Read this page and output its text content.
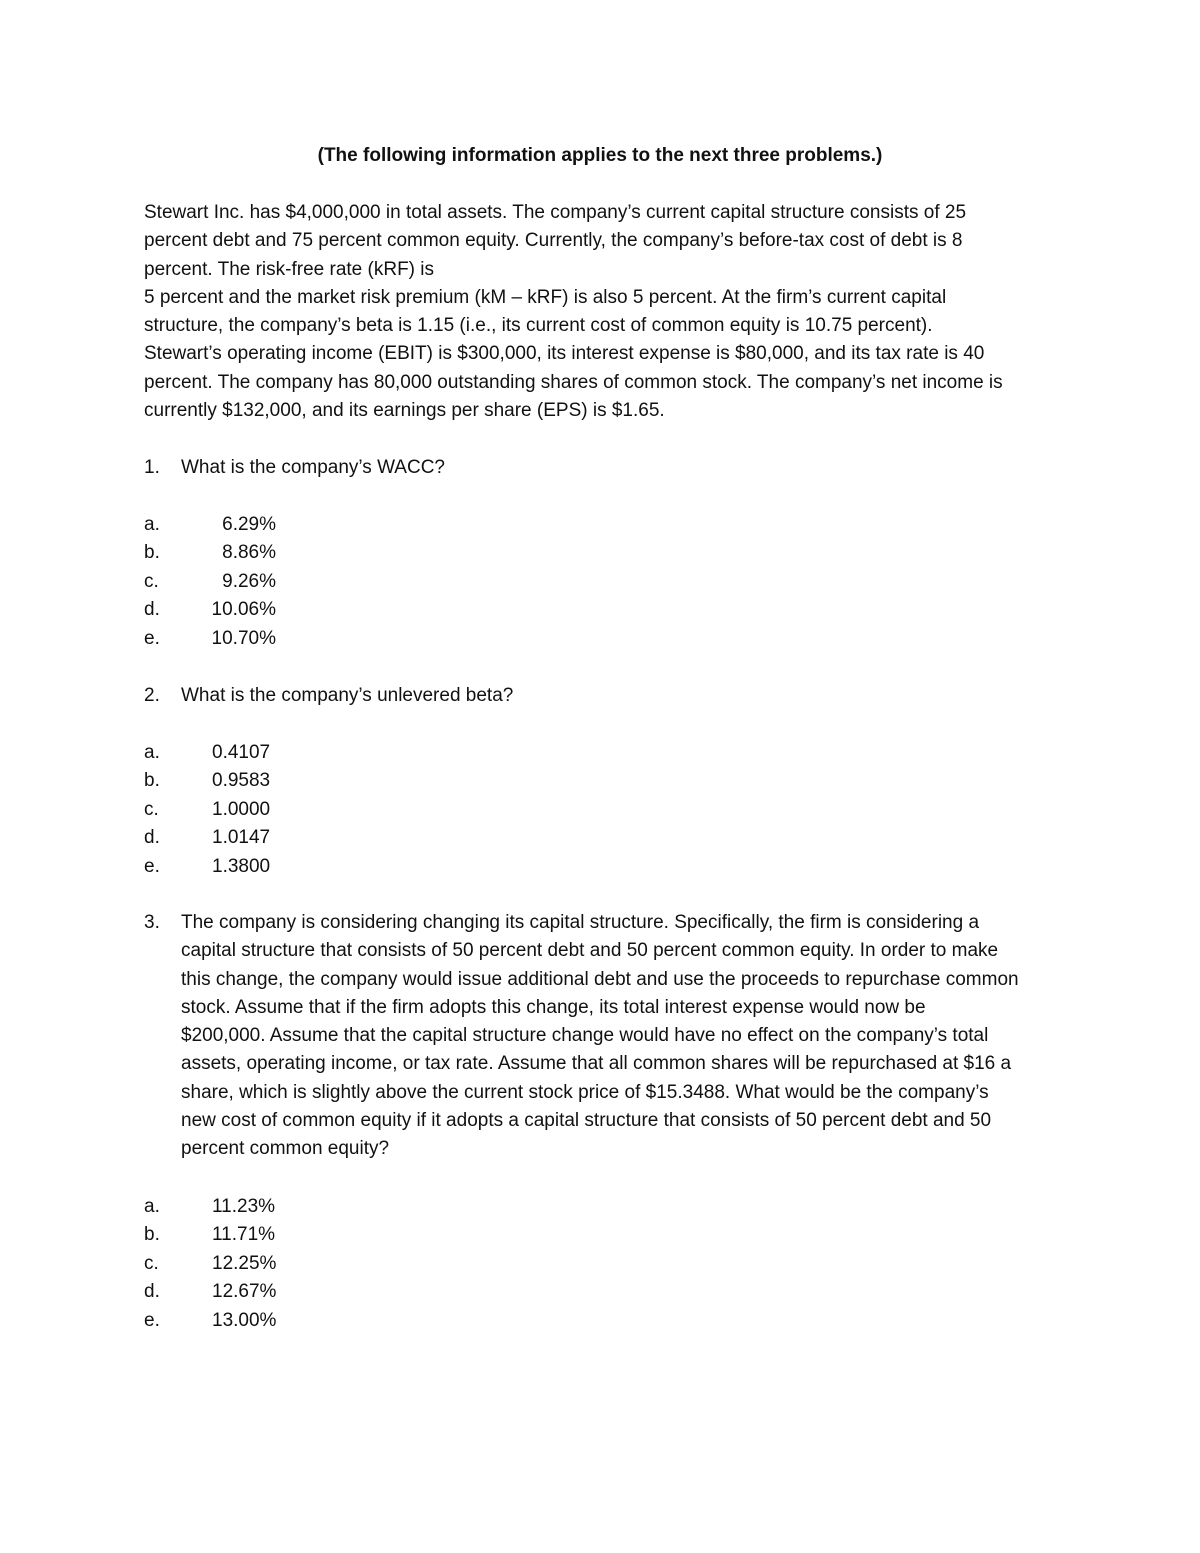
(The following information applies to the next three problems.)
Stewart Inc. has $4,000,000 in total assets. The company’s current capital structure consists of 25
percent debt and 75 percent common equity. Currently, the company’s before-tax cost of debt is 8
percent. The risk-free rate (kRF) is
5 percent and the market risk premium (kM – kRF) is also 5 percent. At the firm’s current capital
structure, the company’s beta is 1.15 (i.e., its current cost of common equity is 10.75 percent).
Stewart’s operating income (EBIT) is $300,000, its interest expense is $80,000, and its tax rate is 40
percent. The company has 80,000 outstanding shares of common stock. The company’s net income is
currently $132,000, and its earnings per share (EPS) is $1.65.
1.	What is the company’s WACC?
a.	6.29%
b.	8.86%
c.	9.26%
d.	10.06%
e.	10.70%
2.	What is the company’s unlevered beta?
a.	0.4107
b.	0.9583
c.	1.0000
d.	1.0147
e.	1.3800
3.	The company is considering changing its capital structure. Specifically, the firm is considering a
capital structure that consists of 50 percent debt and 50 percent common equity. In order to make
this change, the company would issue additional debt and use the proceeds to repurchase common
stock. Assume that if the firm adopts this change, its total interest expense would now be
$200,000. Assume that the capital structure change would have no effect on the company’s total
assets, operating income, or tax rate. Assume that all common shares will be repurchased at $16 a
share, which is slightly above the current stock price of $15.3488. What would be the company’s
new cost of common equity if it adopts a capital structure that consists of 50 percent debt and 50
percent common equity?
a.	11.23%
b.	11.71%
c.	12.25%
d.	12.67%
e.	13.00%
